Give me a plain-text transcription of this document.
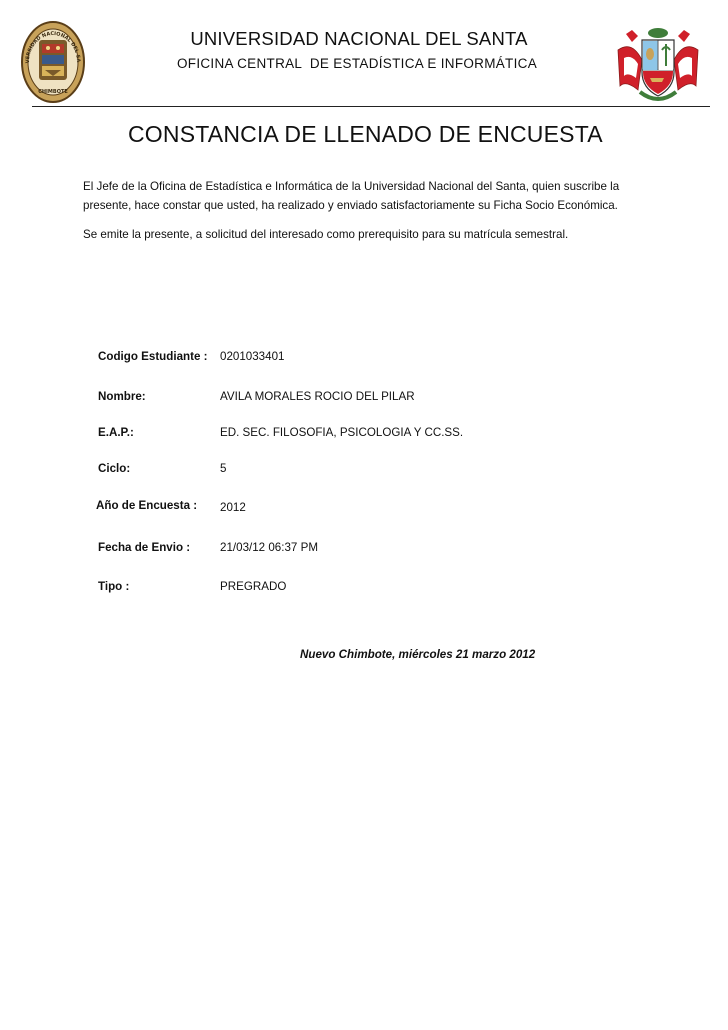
VERSIDAD NACIONAL DEL SA
CHIMBOTE
UNIVERSIDAD NACIONAL DEL SANTA
OFICINA CENTRAL  DE ESTADÍSTICA E INFORMÁTICA
CONSTANCIA DE LLENADO DE ENCUESTA

El Jefe de la Oficina de Estadística e Informática de la Universidad Nacional del Santa, quien suscribe la presente, hace constar que usted, ha realizado y enviado satisfactoriamente su Ficha Socio Económica.

Se emite la presente, a solicitud del interesado como prerequisito para su matrícula semestral.

Codigo Estudiante : 0201033401
Nombre:	AVILA MORALES ROCIO DEL PILAR
E.A.P.:	ED. SEC. FILOSOFIA, PSICOLOGIA Y CC.SS.
Ciclo:	5
Año de Encuesta : 2012
Fecha de Envio :	21/03/12 06:37 PM
Tipo :	PREGRADO
Nuevo Chimbote, miércoles 21 marzo 2012
